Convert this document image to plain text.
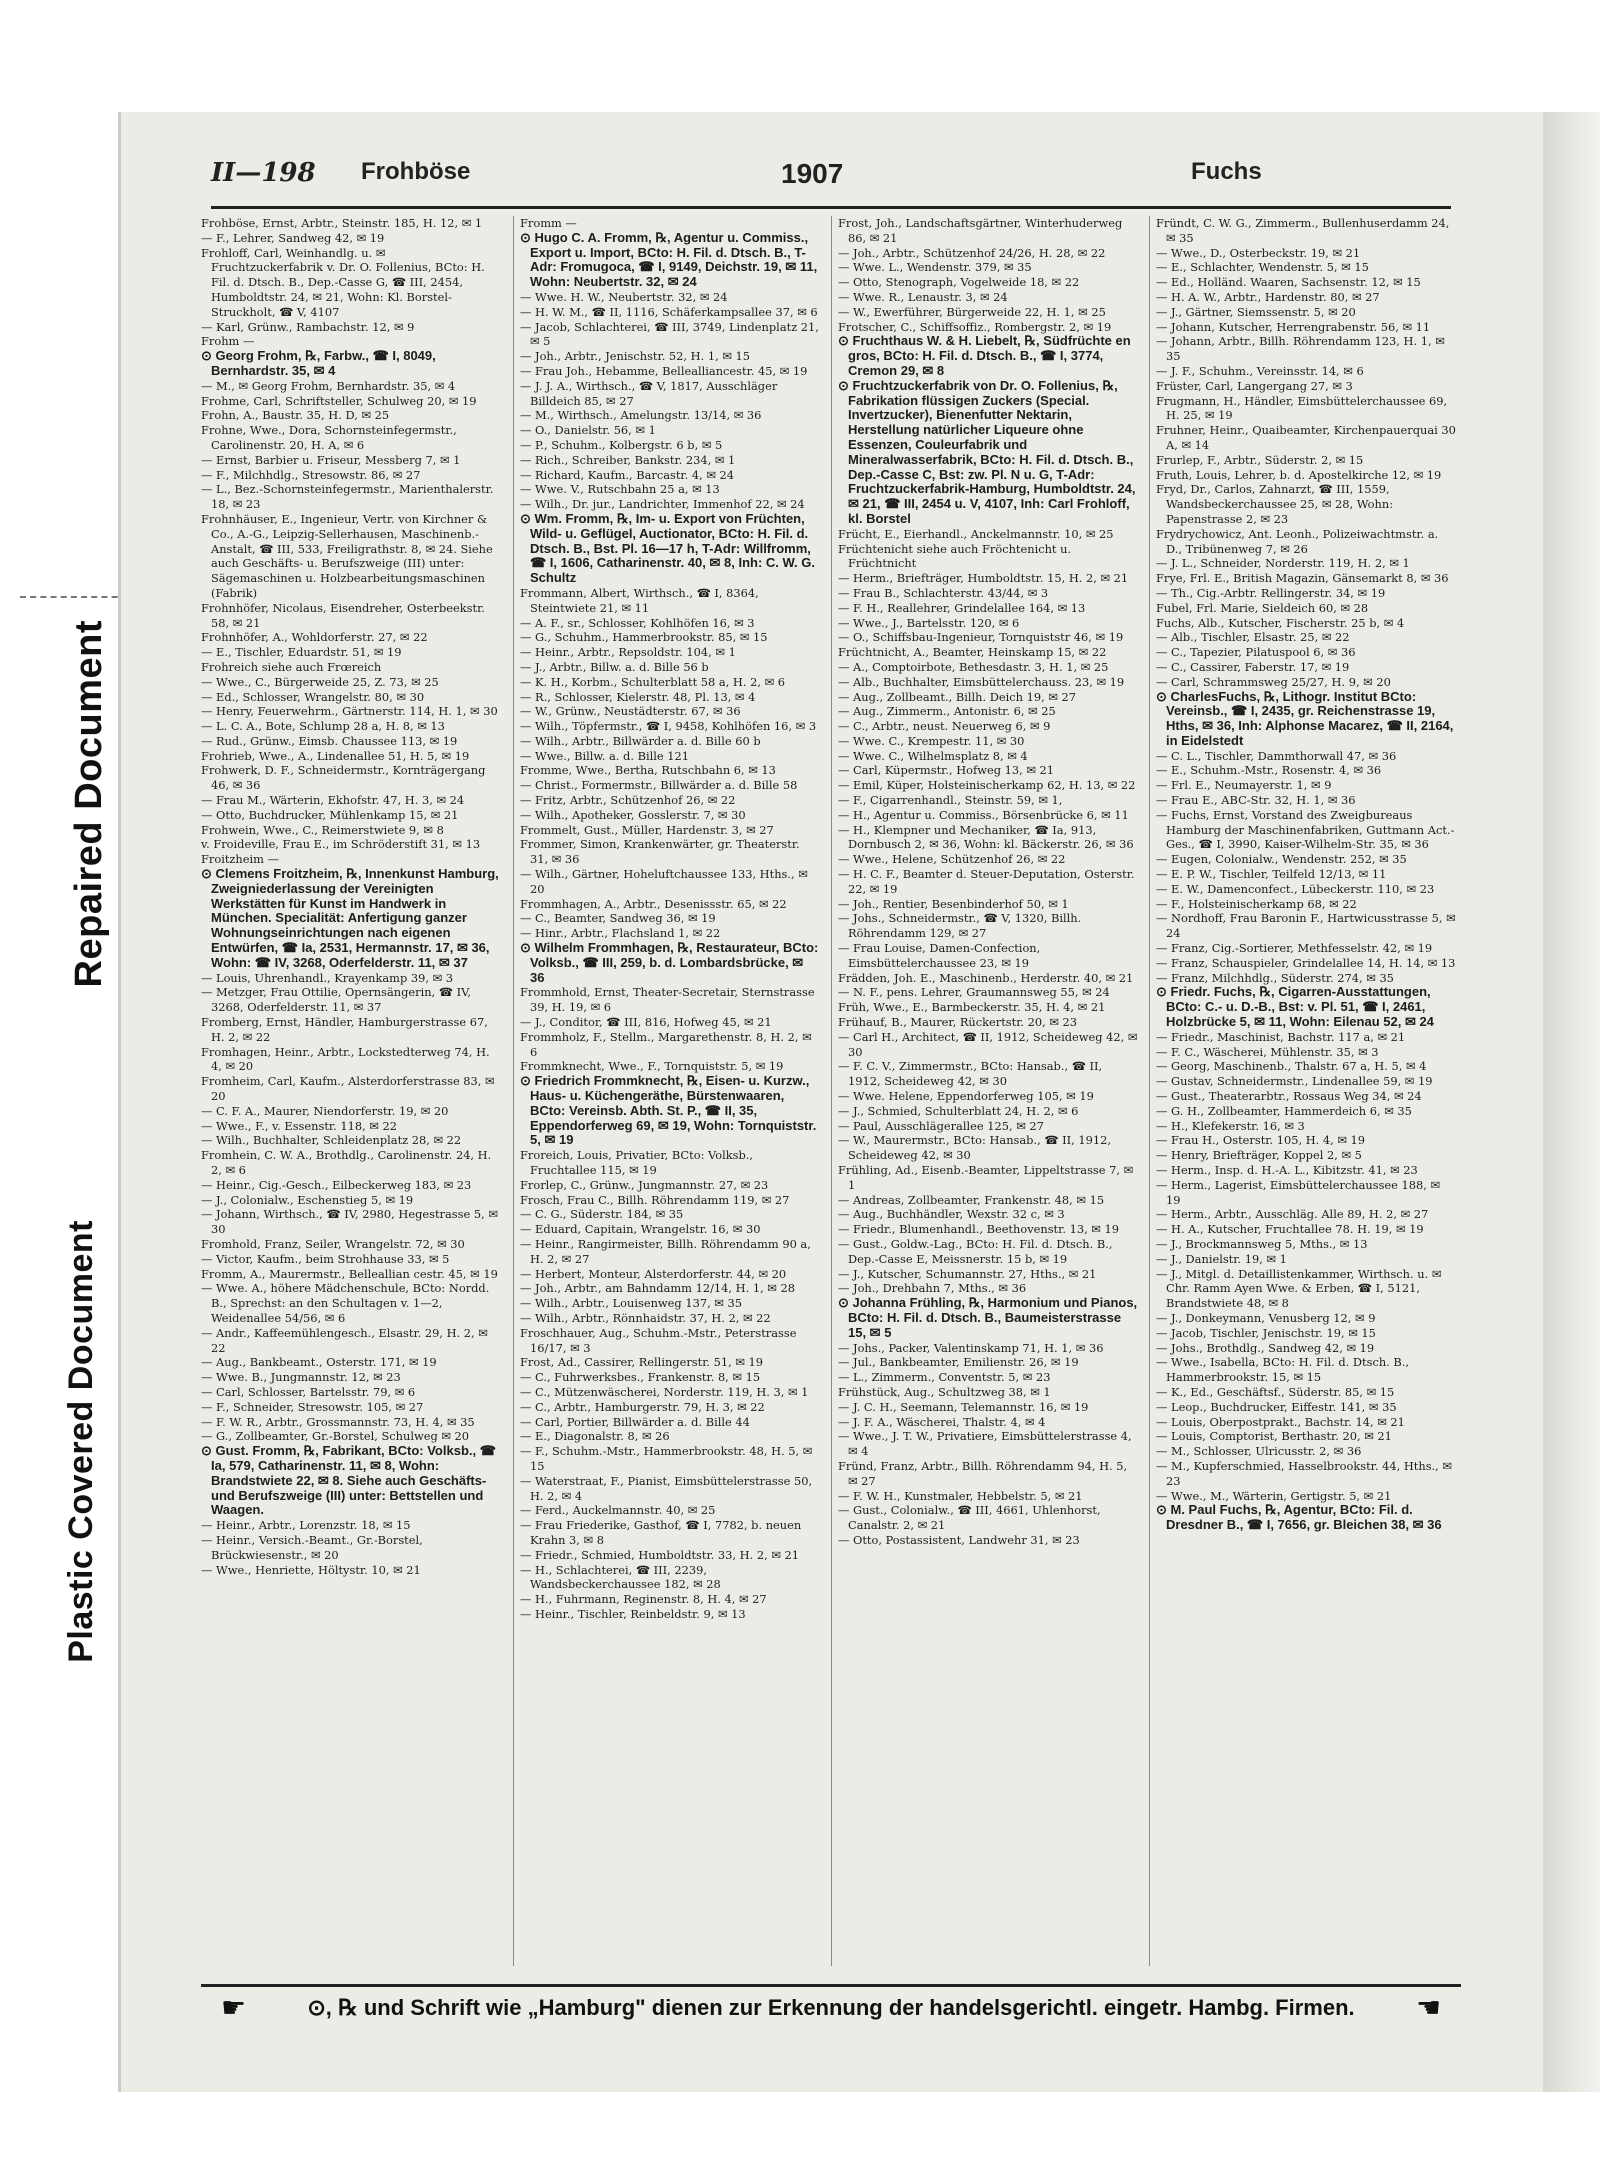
Repaired Document
Plastic Covered Document
II—198 Frohböse	1907	Fuchs

Frohböse, Ernst, Arbtr., Steinstr. 185, H. 12, ✉ 1

— F., Lehrer, Sandweg 42, ✉ 19

Frohloff, Carl, Weinhandlg. u. ✉ Fruchtzuckerfabrik v. Dr. O. Follenius, BCto: H. Fil. d. Dtsch. B., Dep.-Casse G, ☎ III, 2454, Humboldtstr. 24, ✉ 21, Wohn: Kl. Borstel-Struckholt, ☎ V, 4107

— Karl, Grünw., Rambachstr. 12, ✉ 9

Frohm —

⊙ Georg Frohm, ℞, Farbw., ☎ I, 8049, Bernhardstr. 35, ✉ 4

— M., ✉ Georg Frohm, Bernhardstr. 35, ✉ 4

Frohme, Carl, Schriftsteller, Schulweg 20, ✉ 19

Frohn, A., Baustr. 35, H. D, ✉ 25

Frohne, Wwe., Dora, Schornsteinfegermstr., Carolinenstr. 20, H. A, ✉ 6

— Ernst, Barbier u. Friseur, Messberg 7, ✉ 1

— F., Milchhdlg., Stresowstr. 86, ✉ 27

— L., Bez.-Schornsteinfegermstr., Marienthalerstr. 18, ✉ 23

Frohnhäuser, E., Ingenieur, Vertr. von Kirchner & Co., A.-G., Leipzig-Sellerhausen, Maschinenb.-Anstalt, ☎ III, 533, Freiligrathstr. 8, ✉ 24. Siehe auch Geschäfts- u. Berufszweige (III) unter: Sägemaschinen u. Holzbearbeitungsmaschinen (Fabrik)

Frohnhöfer, Nicolaus, Eisendreher, Osterbeekstr. 58, ✉ 21

Frohnhöfer, A., Wohldorferstr. 27, ✉ 22

— E., Tischler, Eduardstr. 51, ✉ 19

Frohreich siehe auch Frœreich

— Wwe., C., Bürgerweide 25, Z. 73, ✉ 25

— Ed., Schlosser, Wrangelstr. 80, ✉ 30

— Henry, Feuerwehrm., Gärtnerstr. 114, H. 1, ✉ 30

— L. C. A., Bote, Schlump 28 a, H. 8, ✉ 13

— Rud., Grünw., Eimsb. Chaussee 113, ✉ 19

Frohrieb, Wwe., A., Lindenallee 51, H. 5, ✉ 19

Frohwerk, D. F., Schneidermstr., Kornträgergang 46, ✉ 36

— Frau M., Wärterin, Ekhofstr. 47, H. 3, ✉ 24

— Otto, Buchdrucker, Mühlenkamp 15, ✉ 21

Frohwein, Wwe., C., Reimerstwiete 9, ✉ 8

v. Froideville, Frau E., im Schröderstift 31, ✉ 13

Froitzheim —

⊙ Clemens Froitzheim, ℞, Innenkunst Hamburg, Zweigniederlassung der Vereinigten Werkstätten für Kunst im Handwerk in München. Specialität: Anfertigung ganzer Wohnungseinrichtungen nach eigenen Entwürfen, ☎ Ia, 2531, Hermannstr. 17, ✉ 36, Wohn: ☎ IV, 3268, Oderfelderstr. 11, ✉ 37

— Louis, Uhrenhandl., Krayenkamp 39, ✉ 3

— Metzger, Frau Ottilie, Opernsängerin, ☎ IV, 3268, Oderfelderstr. 11, ✉ 37

Fromberg, Ernst, Händler, Hamburgerstrasse 67, H. 2, ✉ 22

Fromhagen, Heinr., Arbtr., Lockstedterweg 74, H. 4, ✉ 20

Fromheim, Carl, Kaufm., Alsterdorferstrasse 83, ✉ 20

— C. F. A., Maurer, Niendorferstr. 19, ✉ 20

— Wwe., F., v. Essenstr. 118, ✉ 22

— Wilh., Buchhalter, Schleidenplatz 28, ✉ 22

Fromhein, C. W. A., Brothdlg., Carolinenstr. 24, H. 2, ✉ 6

— Heinr., Cig.-Gesch., Eilbeckerweg 183, ✉ 23

— J., Colonialw., Eschenstieg 5, ✉ 19

— Johann, Wirthsch., ☎ IV, 2980, Hegestrasse 5, ✉ 30

Fromhold, Franz, Seiler, Wrangelstr. 72, ✉ 30

— Victor, Kaufm., beim Strohhause 33, ✉ 5

Fromm, A., Maurermstr., Belleallian cestr. 45, ✉ 19

— Wwe. A., höhere Mädchenschule, BCto: Nordd. B., Sprechst: an den Schultagen v. 1—2, Weidenallee 54/56, ✉ 6

— Andr., Kaffeemühlengesch., Elsastr. 29, H. 2, ✉ 22

— Aug., Bankbeamt., Osterstr. 171, ✉ 19

— Wwe. B., Jungmannstr. 12, ✉ 23

— Carl, Schlosser, Bartelsstr. 79, ✉ 6

— F., Schneider, Stresowstr. 105, ✉ 27

— F. W. R., Arbtr., Grossmannstr. 73, H. 4, ✉ 35

— G., Zollbeamter, Gr.-Borstel, Schulweg ✉ 20

⊙ Gust. Fromm, ℞, Fabrikant, BCto: Volksb., ☎ Ia, 579, Catharinenstr. 11, ✉ 8, Wohn: Brandstwiete 22, ✉ 8. Siehe auch Geschäfts- und Berufszweige (III) unter: Bettstellen und Waagen.

— Heinr., Arbtr., Lorenzstr. 18, ✉ 15

— Heinr., Versich.-Beamt., Gr.-Borstel, Brückwiesenstr., ✉ 20

— Wwe., Henriette, Höltystr. 10, ✉ 21

Fromm —

⊙ Hugo C. A. Fromm, ℞, Agentur u. Commiss., Export u. Import, BCto: H. Fil. d. Dtsch. B., T-Adr: Fromugoca, ☎ I, 9149, Deichstr. 19, ✉ 11, Wohn: Neubertstr. 32, ✉ 24

— Wwe. H. W., Neubertstr. 32, ✉ 24

— H. W. M., ☎ II, 1116, Schäferkampsallee 37, ✉ 6

— Jacob, Schlachterei, ☎ III, 3749, Lindenplatz 21, ✉ 5

— Joh., Arbtr., Jenischstr. 52, H. 1, ✉ 15

— Frau Joh., Hebamme, Bellealliancestr. 45, ✉ 19

— J. J. A., Wirthsch., ☎ V, 1817, Ausschläger Billdeich 85, ✉ 27

— M., Wirthsch., Amelungstr. 13/14, ✉ 36

— O., Danielstr. 56, ✉ 1

— P., Schuhm., Kolbergstr. 6 b, ✉ 5

— Rich., Schreiber, Bankstr. 234, ✉ 1

— Richard, Kaufm., Barcastr. 4, ✉ 24

— Wwe. V., Rutschbahn 25 a, ✉ 13

— Wilh., Dr. jur., Landrichter, Immenhof 22, ✉ 24

⊙ Wm. Fromm, ℞, Im- u. Export von Früchten, Wild- u. Geflügel, Auctionator, BCto: H. Fil. d. Dtsch. B., Bst. Pl. 16—17 h, T-Adr: Willfromm, ☎ I, 1606, Catharinenstr. 40, ✉ 8, Inh: C. W. G. Schultz

Frommann, Albert, Wirthsch., ☎ I, 8364, Steintwiete 21, ✉ 11

— A. F., sr., Schlosser, Kohlhöfen 16, ✉ 3

— G., Schuhm., Hammerbrookstr. 85, ✉ 15

— Heinr., Arbtr., Repsoldstr. 104, ✉ 1

— J., Arbtr., Billw. a. d. Bille 56 b

— K. H., Korbm., Schulterblatt 58 a, H. 2, ✉ 6

— R., Schlosser, Kielerstr. 48, Pl. 13, ✉ 4

— W., Grünw., Neustädterstr. 67, ✉ 36

— Wilh., Töpfermstr., ☎ I, 9458, Kohlhöfen 16, ✉ 3

— Wilh., Arbtr., Billwärder a. d. Bille 60 b

— Wwe., Billw. a. d. Bille 121

Fromme, Wwe., Bertha, Rutschbahn 6, ✉ 13

— Christ., Formermstr., Billwärder a. d. Bille 58

— Fritz, Arbtr., Schützenhof 26, ✉ 22

— Wilh., Apotheker, Gosslerstr. 7, ✉ 30

Frommelt, Gust., Müller, Hardenstr. 3, ✉ 27

Frommer, Simon, Krankenwärter, gr. Theaterstr. 31, ✉ 36

— Wilh., Gärtner, Hoheluftchaussee 133, Hths., ✉ 20

Frommhagen, A., Arbtr., Desenissstr. 65, ✉ 22

— C., Beamter, Sandweg 36, ✉ 19

— Hinr., Arbtr., Flachsland 1, ✉ 22

⊙ Wilhelm Frommhagen, ℞, Restaurateur, BCto: Volksb., ☎ III, 259, b. d. Lombardsbrücke, ✉ 36

Frommhold, Ernst, Theater-Secretair, Sternstrasse 39, H. 19, ✉ 6

— J., Conditor, ☎ III, 816, Hofweg 45, ✉ 21

Frommholz, F., Stellm., Margarethenstr. 8, H. 2, ✉ 6

Frommknecht, Wwe., F., Tornquiststr. 5, ✉ 19

⊙ Friedrich Frommknecht, ℞, Eisen- u. Kurzw., Haus- u. Küchengeräthe, Bürstenwaaren, BCto: Vereinsb. Abth. St. P., ☎ II, 35, Eppendorferweg 69, ✉ 19, Wohn: Tornquiststr. 5, ✉ 19

Froreich, Louis, Privatier, BCto: Volksb., Fruchtallee 115, ✉ 19

Frorlep, C., Grünw., Jungmannstr. 27, ✉ 23

Frosch, Frau C., Billh. Röhrendamm 119, ✉ 27

— C. G., Süderstr. 184, ✉ 35

— Eduard, Capitain, Wrangelstr. 16, ✉ 30

— Heinr., Rangirmeister, Billh. Röhrendamm 90 a, H. 2, ✉ 27

— Herbert, Monteur, Alsterdorferstr. 44, ✉ 20

— Joh., Arbtr., am Bahndamm 12/14, H. 1, ✉ 28

— Wilh., Arbtr., Louisenweg 137, ✉ 35

— Wilh., Arbtr., Rönnhaidstr. 37, H. 2, ✉ 22

Froschhauer, Aug., Schuhm.-Mstr., Peterstrasse 16/17, ✉ 3

Frost, Ad., Cassirer, Rellingerstr. 51, ✉ 19

— C., Fuhrwerksbes., Frankenstr. 8, ✉ 15

— C., Mützenwäscherei, Norderstr. 119, H. 3, ✉ 1

— C., Arbtr., Hamburgerstr. 79, H. 3, ✉ 22

— Carl, Portier, Billwärder a. d. Bille 44

— E., Diagonalstr. 8, ✉ 26

— F., Schuhm.-Mstr., Hammerbrookstr. 48, H. 5, ✉ 15

— Waterstraat, F., Pianist, Eimsbüttelerstrasse 50, H. 2, ✉ 4

— Ferd., Auckelmannstr. 40, ✉ 25

— Frau Friederike, Gasthof, ☎ I, 7782, b. neuen Krahn 3, ✉ 8

— Friedr., Schmied, Humboldtstr. 33, H. 2, ✉ 21

— H., Schlachterei, ☎ III, 2239, Wandsbeckerchaussee 182, ✉ 28

— H., Fuhrmann, Reginenstr. 8, H. 4, ✉ 27

— Heinr., Tischler, Reinbeldstr. 9, ✉ 13

Frost, Joh., Landschaftsgärtner, Winterhuderweg 86, ✉ 21

— Joh., Arbtr., Schützenhof 24/26, H. 28, ✉ 22

— Wwe. L., Wendenstr. 379, ✉ 35

— Otto, Stenograph, Vogelweide 18, ✉ 22

— Wwe. R., Lenaustr. 3, ✉ 24

— W., Ewerführer, Bürgerweide 22, H. 1, ✉ 25

Frotscher, C., Schiffsoffiz., Rombergstr. 2, ✉ 19

⊙ Fruchthaus W. & H. Liebelt, ℞, Südfrüchte en gros, BCto: H. Fil. d. Dtsch. B., ☎ I, 3774, Cremon 29, ✉ 8

⊙ Fruchtzuckerfabrik von Dr. O. Follenius, ℞, Fabrikation flüssigen Zuckers (Special. Invertzucker), Bienenfutter Nektarin, Herstellung natürlicher Liqueure ohne Essenzen, Couleurfabrik und Mineralwasserfabrik, BCto: H. Fil. d. Dtsch. B., Dep.-Casse C, Bst: zw. Pl. N u. G, T-Adr: Fruchtzuckerfabrik-Hamburg, Humboldtstr. 24, ✉ 21, ☎ III, 2454 u. V, 4107, Inh: Carl Frohloff, kl. Borstel

Frücht, E., Eierhandl., Anckelmannstr. 10, ✉ 25

Früchtenicht siehe auch Fröchtenicht u. Früchtnicht

— Herm., Briefträger, Humboldtstr. 15, H. 2, ✉ 21

— Frau B., Schlachterstr. 43/44, ✉ 3

— F. H., Reallehrer, Grindelallee 164, ✉ 13

— Wwe., J., Bartelsstr. 120, ✉ 6

— O., Schiffsbau-Ingenieur, Tornquiststr 46, ✉ 19

Früchtnicht, A., Beamter, Heinskamp 15, ✉ 22

— A., Comptoirbote, Bethesdastr. 3, H. 1, ✉ 25

— Alb., Buchhalter, Eimsbüttelerchauss. 23, ✉ 19

— Aug., Zollbeamt., Billh. Deich 19, ✉ 27

— Aug., Zimmerm., Antonistr. 6, ✉ 25

— C., Arbtr., neust. Neuerweg 6, ✉ 9

— Wwe. C., Krempestr. 11, ✉ 30

— Wwe. C., Wilhelmsplatz 8, ✉ 4

— Carl, Küpermstr., Hofweg 13, ✉ 21

— Emil, Küper, Holsteinischerkamp 62, H. 13, ✉ 22

— F., Cigarrenhandl., Steinstr. 59, ✉ 1,

— H., Agentur u. Commiss., Börsenbrücke 6, ✉ 11

— H., Klempner und Mechaniker, ☎ Ia, 913, Dornbusch 2, ✉ 36, Wohn: kl. Bäckerstr. 26, ✉ 36

— Wwe., Helene, Schützenhof 26, ✉ 22

— H. C. F., Beamter d. Steuer-Deputation, Osterstr. 22, ✉ 19

— Joh., Rentier, Besenbinderhof 50, ✉ 1

— Johs., Schneidermstr., ☎ V, 1320, Billh. Röhrendamm 129, ✉ 27

— Frau Louise, Damen-Confection, Eimsbüttelerchaussee 23, ✉ 19

Frädden, Joh. E., Maschinenb., Herderstr. 40, ✉ 21

— N. F., pens. Lehrer, Graumannsweg 55, ✉ 24

Früh, Wwe., E., Barmbeckerstr. 35, H. 4, ✉ 21

Frühauf, B., Maurer, Rückertstr. 20, ✉ 23

— Carl H., Architect, ☎ II, 1912, Scheideweg 42, ✉ 30

— F. C. V., Zimmermstr., BCto: Hansab., ☎ II, 1912, Scheideweg 42, ✉ 30

— Wwe. Helene, Eppendorferweg 105, ✉ 19

— J., Schmied, Schulterblatt 24, H. 2, ✉ 6

— Paul, Ausschlägerallee 125, ✉ 27

— W., Maurermstr., BCto: Hansab., ☎ II, 1912, Scheideweg 42, ✉ 30

Frühling, Ad., Eisenb.-Beamter, Lippeltstrasse 7, ✉ 1

— Andreas, Zollbeamter, Frankenstr. 48, ✉ 15

— Aug., Buchhändler, Wexstr. 32 c, ✉ 3

— Friedr., Blumenhandl., Beethovenstr. 13, ✉ 19

— Gust., Goldw.-Lag., BCto: H. Fil. d. Dtsch. B., Dep.-Casse E, Meissnerstr. 15 b, ✉ 19

— J., Kutscher, Schumannstr. 27, Hths., ✉ 21

— Joh., Drehbahn 7, Mths., ✉ 36

⊙ Johanna Frühling, ℞, Harmonium und Pianos, BCto: H. Fil. d. Dtsch. B., Baumeisterstrasse 15, ✉ 5

— Johs., Packer, Valentinskamp 71, H. 1, ✉ 36

— Jul., Bankbeamter, Emilienstr. 26, ✉ 19

— L., Zimmerm., Conventstr. 5, ✉ 23

Frühstück, Aug., Schultzweg 38, ✉ 1

— J. C. H., Seemann, Telemannstr. 16, ✉ 19

— J. F. A., Wäscherei, Thalstr. 4, ✉ 4

— Wwe., J. T. W., Privatiere, Eimsbüttelerstrasse 4, ✉ 4

Fründ, Franz, Arbtr., Billh. Röhrendamm 94, H. 5, ✉ 27

— F. W. H., Kunstmaler, Hebbelstr. 5, ✉ 21

— Gust., Colonialw., ☎ III, 4661, Uhlenhorst, Canalstr. 2, ✉ 21

— Otto, Postassistent, Landwehr 31, ✉ 23

Fründt, C. W. G., Zimmerm., Bullenhuserdamm 24, ✉ 35

— Wwe., D., Osterbeckstr. 19, ✉ 21

— E., Schlachter, Wendenstr. 5, ✉ 15

— Ed., Holländ. Waaren, Sachsenstr. 12, ✉ 15

— H. A. W., Arbtr., Hardenstr. 80, ✉ 27

— J., Gärtner, Siemssenstr. 5, ✉ 20

— Johann, Kutscher, Herrengrabenstr. 56, ✉ 11

— Johann, Arbtr., Billh. Röhrendamm 123, H. 1, ✉ 35

— J. F., Schuhm., Vereinsstr. 14, ✉ 6

Früster, Carl, Langergang 27, ✉ 3

Frugmann, H., Händler, Eimsbüttelerchaussee 69, H. 25, ✉ 19

Fruhner, Heinr., Quaibeamter, Kirchenpauerquai 30 A, ✉ 14

Frurlep, F., Arbtr., Süderstr. 2, ✉ 15

Fruth, Louis, Lehrer, b. d. Apostelkirche 12, ✉ 19

Fryd, Dr., Carlos, Zahnarzt, ☎ III, 1559, Wandsbeckerchaussee 25, ✉ 28, Wohn: Papenstrasse 2, ✉ 23

Frydrychowicz, Ant. Leonh., Polizeiwachtmstr. a. D., Tribünenweg 7, ✉ 26

— J. L., Schneider, Norderstr. 119, H. 2, ✉ 1

Frye, Frl. E., British Magazin, Gänsemarkt 8, ✉ 36

— Th., Cig.-Arbtr. Rellingerstr. 34, ✉ 19

Fubel, Frl. Marie, Sieldeich 60, ✉ 28

Fuchs, Alb., Kutscher, Fischerstr. 25 b, ✉ 4

— Alb., Tischler, Elsastr. 25, ✉ 22

— C., Tapezier, Pilatuspool 6, ✉ 36

— C., Cassirer, Faberstr. 17, ✉ 19

— Carl, Schrammsweg 25/27, H. 9, ✉ 20

⊙ CharlesFuchs, ℞, Lithogr. Institut BCto: Vereinsb., ☎ I, 2435, gr. Reichenstrasse 19, Hths, ✉ 36, Inh: Alphonse Macarez, ☎ II, 2164, in Eidelstedt

— C. L., Tischler, Dammthorwall 47, ✉ 36

— E., Schuhm.-Mstr., Rosenstr. 4, ✉ 36

— Frl. E., Neumayerstr. 1, ✉ 9

— Frau E., ABC-Str. 32, H. 1, ✉ 36

— Fuchs, Ernst, Vorstand des Zweigbureaus Hamburg der Maschinenfabriken, Guttmann Act.-Ges., ☎ I, 3990, Kaiser-Wilhelm-Str. 35, ✉ 36

— Eugen, Colonialw., Wendenstr. 252, ✉ 35

— E. P. W., Tischler, Teilfeld 12/13, ✉ 11

— E. W., Damenconfect., Lübeckerstr. 110, ✉ 23

— F., Holsteinischerkamp 68, ✉ 22

— Nordhoff, Frau Baronin F., Hartwicusstrasse 5, ✉ 24

— Franz, Cig.-Sortierer, Methfesselstr. 42, ✉ 19

— Franz, Schauspieler, Grindelallee 14, H. 14, ✉ 13

— Franz, Milchhdlg., Süderstr. 274, ✉ 35

⊙ Friedr. Fuchs, ℞, Cigarren-Ausstattungen, BCto: C.- u. D.-B., Bst: v. Pl. 51, ☎ I, 2461, Holzbrücke 5, ✉ 11, Wohn: Eilenau 52, ✉ 24

— Friedr., Maschinist, Bachstr. 117 a, ✉ 21

— F. C., Wäscherei, Mühlenstr. 35, ✉ 3

— Georg, Maschinenb., Thalstr. 67 a, H. 5, ✉ 4

— Gustav, Schneidermstr., Lindenallee 59, ✉ 19

— Gust., Theaterarbtr., Rossaus Weg 34, ✉ 24

— G. H., Zollbeamter, Hammerdeich 6, ✉ 35

— H., Klefekerstr. 16, ✉ 3

— Frau H., Osterstr. 105, H. 4, ✉ 19

— Henry, Briefträger, Koppel 2, ✉ 5

— Herm., Insp. d. H.-A. L., Kibitzstr. 41, ✉ 23

— Herm., Lagerist, Eimsbüttelerchaussee 188, ✉ 19

— Herm., Arbtr., Ausschläg. Alle 89, H. 2, ✉ 27

— H. A., Kutscher, Fruchtallee 78. H. 19, ✉ 19

— J., Brockmannsweg 5, Mths., ✉ 13

— J., Danielstr. 19, ✉ 1

— J., Mitgl. d. Detaillistenkammer, Wirthsch. u. ✉ Chr. Ramm Ayen Wwe. & Erben, ☎ I, 5121, Brandstwiete 48, ✉ 8

— J., Donkeymann, Venusberg 12, ✉ 9

— Jacob, Tischler, Jenischstr. 19, ✉ 15

— Johs., Brothdlg., Sandweg 42, ✉ 19

— Wwe., Isabella, BCto: H. Fil. d. Dtsch. B., Hammerbrookstr. 15, ✉ 15

— K., Ed., Geschäftsf., Süderstr. 85, ✉ 15

— Leop., Buchdrucker, Eiffestr. 141, ✉ 35

— Louis, Oberpostprakt., Bachstr. 14, ✉ 21

— Louis, Comptorist, Berthastr. 20, ✉ 21

— M., Schlosser, Ulricusstr. 2, ✉ 36

— M., Kupferschmied, Hasselbrookstr. 44, Hths., ✉ 23

— Wwe., M., Wärterin, Gertigstr. 5, ✉ 21

⊙ M. Paul Fuchs, ℞, Agentur, BCto: Fil. d. Dresdner B., ☎ I, 7656, gr. Bleichen 38, ✉ 36

☛	⊙, ℞ und Schrift wie „Hamburg" dienen zur Erkennung der handelsgerichtl. eingetr. Hambg. Firmen.	☛
